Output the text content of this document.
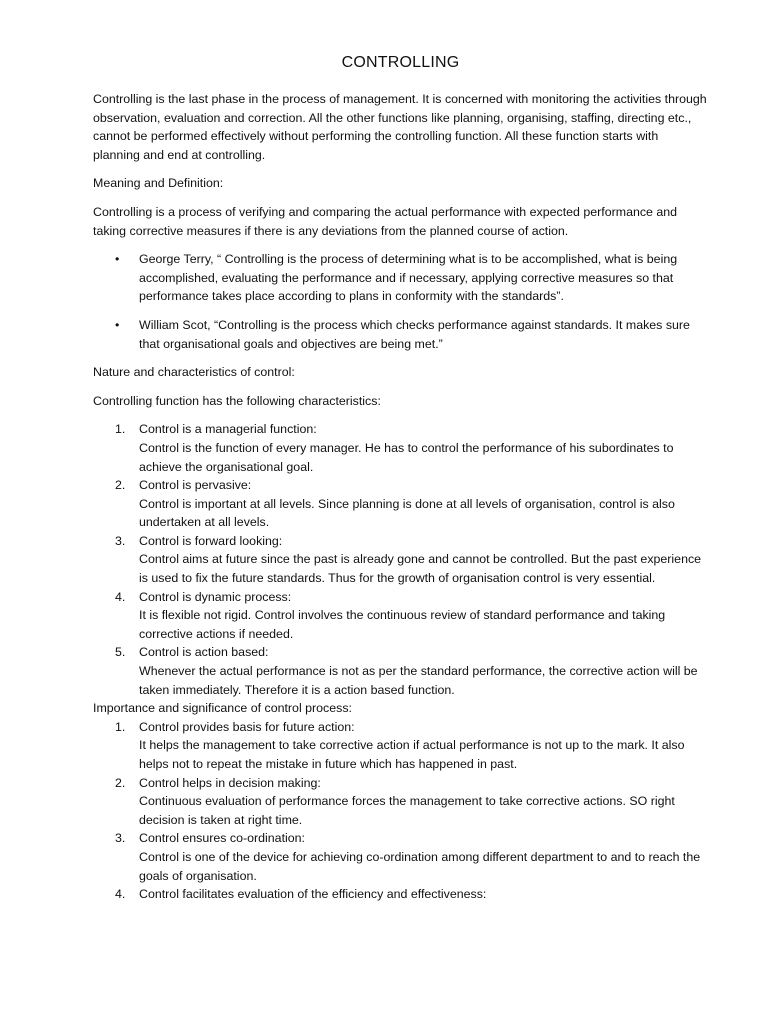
CONTROLLING

Controlling is the last phase in the process of management. It is concerned with monitoring the activities through observation, evaluation and correction. All the other functions like planning, organising, staffing, directing etc., cannot be performed effectively without performing the controlling function. All these function starts with planning and end at controlling.

Meaning and Definition:

Controlling is a process of verifying and comparing the actual performance with expected performance and taking corrective measures if there is any deviations from the planned course of action.

• George Terry, “ Controlling is the process of determining what is to be accomplished, what is being accomplished, evaluating the performance and if necessary, applying corrective measures so that performance takes place according to plans in conformity with the standards”.
• William Scot, “Controlling is the process which checks performance against standards. It makes sure that organisational goals and objectives are being met.”

Nature and characteristics of control:

Controlling function has the following characteristics:

1. Control is a managerial function:
Control is the function of every manager. He has to control the performance of his subordinates to achieve the organisational goal.
2. Control is pervasive:
Control is important at all levels. Since planning is done at all levels of organisation, control is also undertaken at all levels.
3. Control is forward looking:
Control aims at future since the past is already gone and cannot be controlled. But the past experience is used to fix the future standards. Thus for the growth of organisation control is very essential.
4. Control is dynamic process:
It is flexible not rigid. Control involves the continuous review of standard performance and taking corrective actions if needed.
5. Control is action based:
Whenever the actual performance is not as per the standard performance, the corrective action will be taken immediately. Therefore it is a action based function.

Importance and significance of control process:

1. Control provides basis for future action:
It helps the management to take corrective action if actual performance is not up to the mark. It also helps not to repeat the mistake in future which has happened in past.
2. Control helps in decision making:
Continuous evaluation of performance forces the management to take corrective actions. SO right decision is taken at right time.
3. Control ensures co-ordination:
Control is one of the device for achieving co-ordination among different department to and to reach the goals of organisation.
4. Control facilitates evaluation of the efficiency and effectiveness:
